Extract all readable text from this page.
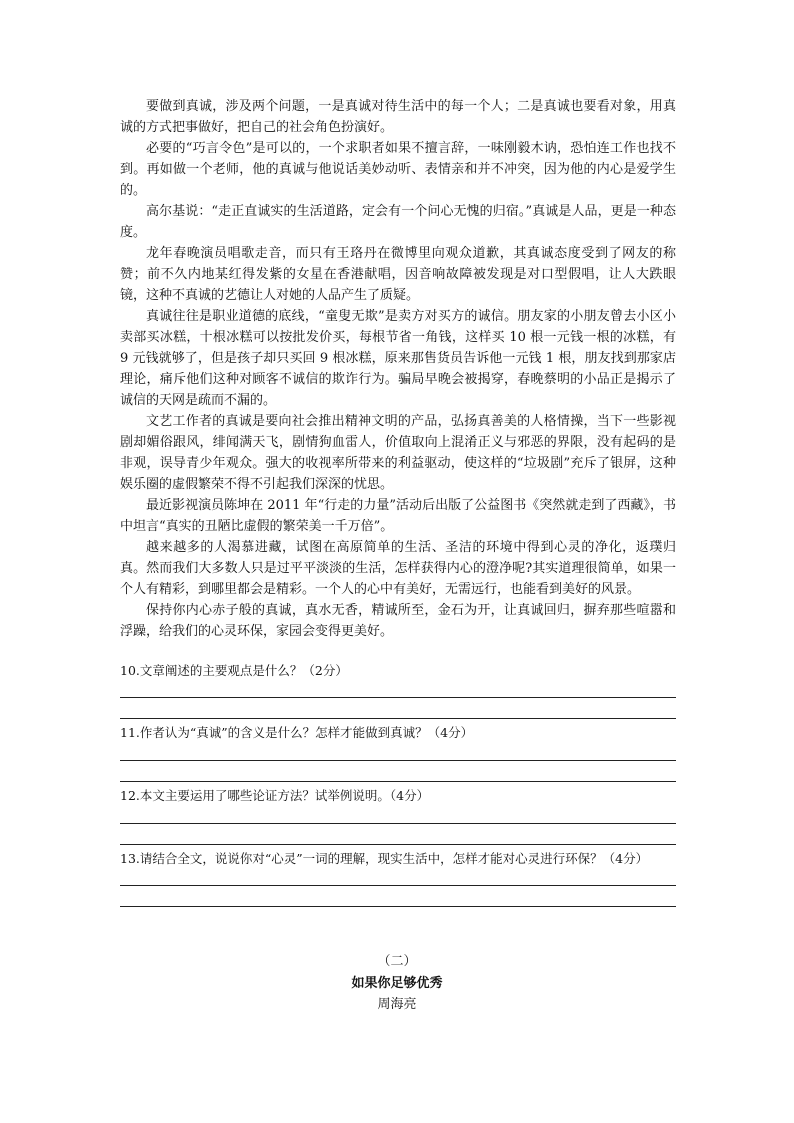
要做到真诚，涉及两个问题，一是真诚对待生活中的每一个人；二是真诚也要看对象，用真诚的方式把事做好，把自己的社会角色扮演好。

必要的“巧言令色”是可以的，一个求职者如果不擅言辞，一味刚毅木讷，恐怕连工作也找不到。再如做一个老师，他的真诚与他说话美妙动听、表情亲和并不冲突，因为他的内心是爱学生的。

高尔基说：“走正直诚实的生活道路，定会有一个问心无愧的归宿。”真诚是人品，更是一种态度。

龙年春晚演员唱歌走音，而只有王珞丹在微博里向观众道歉，其真诚态度受到了网友的称赞；前不久内地某红得发紫的女星在香港献唱，因音响故障被发现是对口型假唱，让人大跌眼镜，这种不真诚的艺德让人对她的人品产生了质疑。

真诚往往是职业道德的底线，“童叟无欺”是卖方对买方的诚信。朋友家的小朋友曾去小区小卖部买冰糕，十根冰糕可以按批发价买，每根节省一角钱，这样买 10 根一元钱一根的冰糕，有 9 元钱就够了，但是孩子却只买回 9 根冰糕，原来那售货员告诉他一元钱 1 根，朋友找到那家店理论，痛斥他们这种对顾客不诚信的欺诈行为。骗局早晚会被揭穿，春晚蔡明的小品正是揭示了诚信的天网是疏而不漏的。

文艺工作者的真诚是要向社会推出精神文明的产品，弘扬真善美的人格情操，当下一些影视剧却媚俗跟风，绯闻满天飞，剧情狗血雷人，价值取向上混淆正义与邪恶的界限，没有起码的是非观，误导青少年观众。强大的收视率所带来的利益驱动，使这样的“垃圾剧”充斥了银屏，这种娱乐圈的虚假繁荣不得不引起我们深深的忧思。

最近影视演员陈坤在 2011 年“行走的力量”活动后出版了公益图书《突然就走到了西藏》，书中坦言“真实的丑陋比虚假的繁荣美一千万倍”。

越来越多的人渴慕进藏，试图在高原简单的生活、圣洁的环境中得到心灵的净化，返璞归真。然而我们大多数人只是过平平淡淡的生活，怎样获得内心的澄净呢?其实道理很简单，如果一个人有精彩，到哪里都会是精彩。一个人的心中有美好，无需远行，也能看到美好的风景。

保持你内心赤子般的真诚，真水无香，精诚所至，金石为开，让真诚回归，摒弃那些喧嚣和浮躁，给我们的心灵环保，家园会变得更美好。

10.文章阐述的主要观点是什么？（2分）

11.作者认为“真诚”的含义是什么？怎样才能做到真诚？（4分）

12.本文主要运用了哪些论证方法？试举例说明。（4分）

13.请结合全文，说说你对“心灵”一词的理解，现实生活中，怎样才能对心灵进行环保？（4分）

（二）

如果你足够优秀

周海亮
